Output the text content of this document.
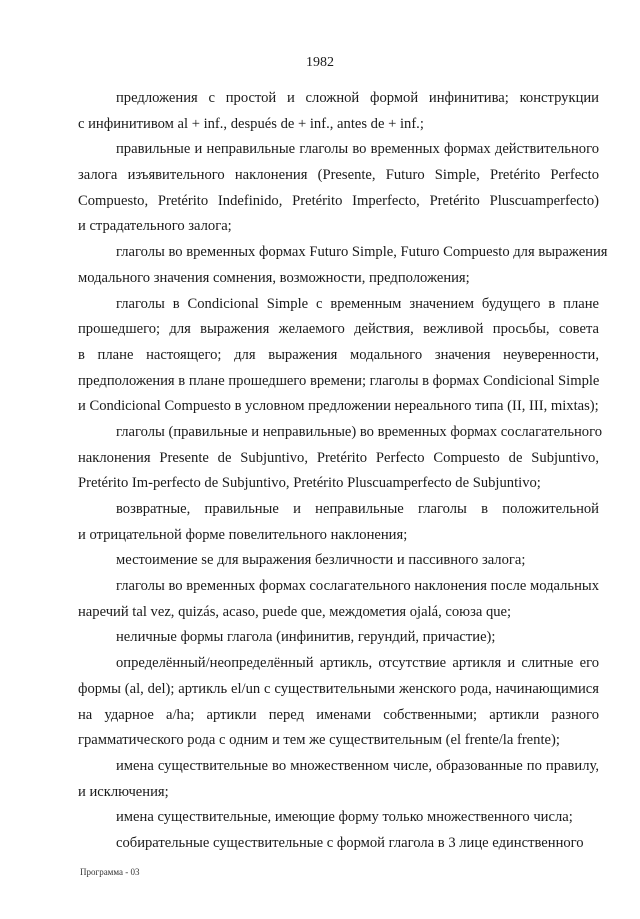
1982
предложения с простой и сложной формой инфинитива; конструкции
с инфинитивом al + inf., después de + inf., antes de + inf.;
правильные и неправильные глаголы во временных формах действительного
залога изъявительного наклонения (Presente, Futuro Simple, Pretérito Perfecto
Compuesto, Pretérito Indefinido, Pretérito Imperfecto, Pretérito Pluscuamperfecto)
и страдательного залога;
глаголы во временных формах Futuro Simple, Futuro Compuesto для выражения
модального значения сомнения, возможности, предположения;
глаголы в Condicional Simple с временным значением будущего в плане
прошедшего; для выражения желаемого действия, вежливой просьбы, совета
в плане настоящего; для выражения модального значения неуверенности,
предположения в плане прошедшего времени; глаголы в формах Condicional Simple
и Condicional Compuesto в условном предложении нереального типа (II, III, mixtas);
глаголы (правильные и неправильные) во временных формах сослагательного
наклонения Presente de Subjuntivo, Pretérito Perfecto Compuesto de Subjuntivo,
Pretérito Im-perfecto de Subjuntivo, Pretérito Pluscuamperfecto de Subjuntivo;
возвратные, правильные и неправильные глаголы в положительной
и отрицательной форме повелительного наклонения;
местоимение se для выражения безличности и пассивного залога;
глаголы во временных формах сослагательного наклонения после модальных
наречий tal vez, quizás, acaso, puede que, междометия ojalá, союза que;
неличные формы глагола (инфинитив, герундий, причастие);
определённый/неопределённый артикль, отсутствие артикля и слитные его
формы (al, del); артикль el/un с существительными женского рода, начинающимися
на ударное a/ha; артикли перед именами собственными; артикли разного
грамматического рода с одним и тем же существительным (el frente/la frente);
имена существительные во множественном числе, образованные по правилу,
и исключения;
имена существительные, имеющие форму только множественного числа;
собирательные существительные с формой глагола в 3 лице единственного
Программа - 03
